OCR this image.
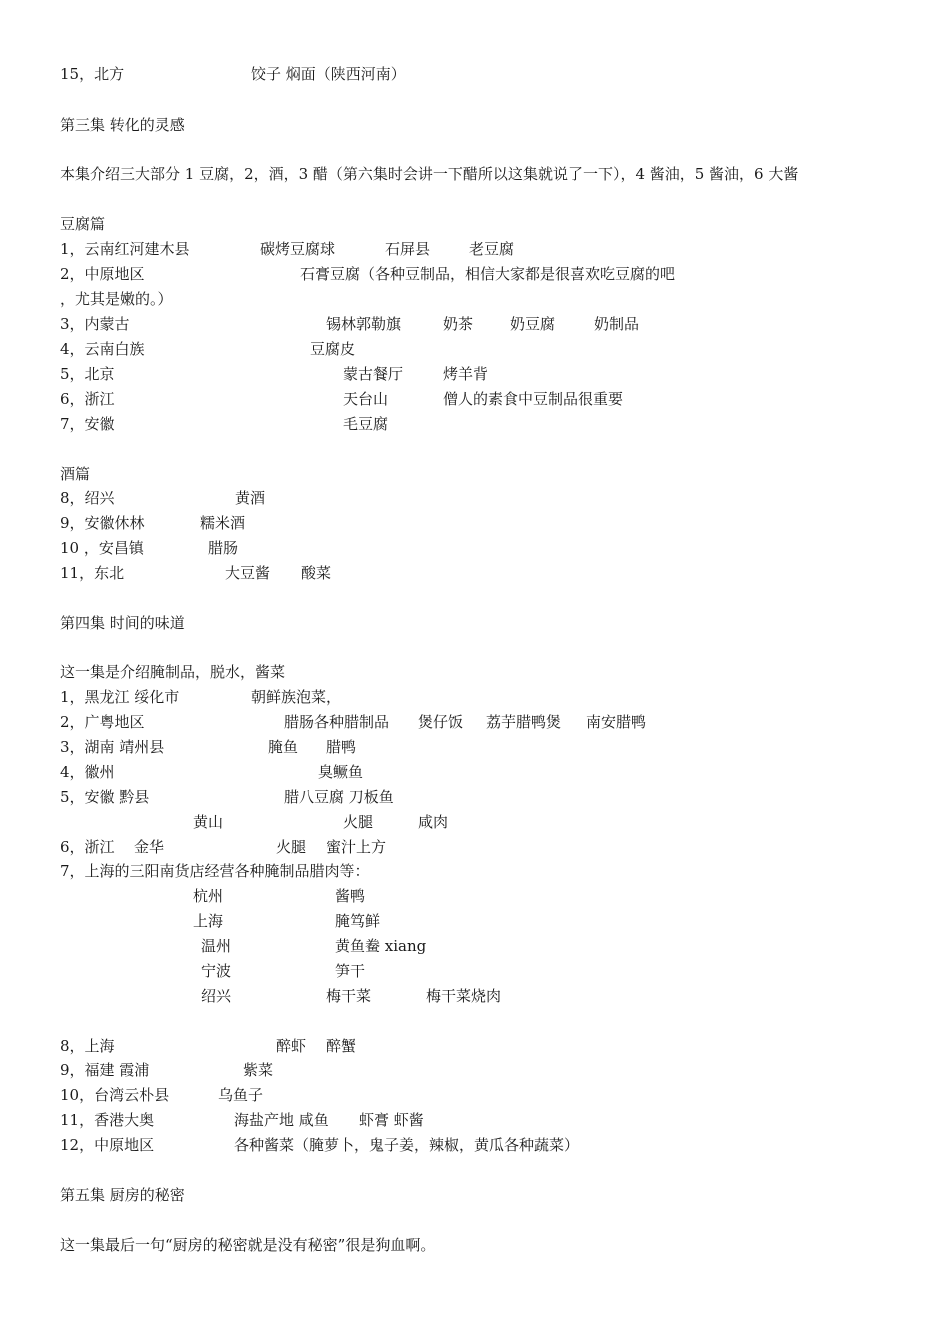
15，北方	饺子 焖面（陕西河南）
第三集 转化的灵感
本集介绍三大部分 1 豆腐，2，酒，3 醋（第六集时会讲一下醋所以这集就说了一下），4 酱油，5 酱油，6 大酱
豆腐篇
1，云南红河建木县	碳烤豆腐球	石屏县	老豆腐
2，中原地区	石膏豆腐（各种豆制品，相信大家都是很喜欢吃豆腐的吧
，尤其是嫩的。）
3，内蒙古	锡林郭勒旗	奶茶 奶豆腐	奶制品
4，云南白族	豆腐皮
5，北京	蒙古餐厅	烤羊背
6，浙江	天台山	僧人的素食中豆制品很重要
7，安徽	毛豆腐
酒篇
8，绍兴	黄酒
9，安徽休林	糯米酒
10 ，安昌镇	腊肠
11，东北	大豆酱 酸菜
第四集 时间的味道
这一集是介绍腌制品，脱水，酱菜
1，黑龙江 绥化市	朝鲜族泡菜，
2，广粤地区	腊肠各种腊制品 煲仔饭 荔芋腊鸭煲 南安腊鸭
3，湖南 靖州县	腌鱼 腊鸭
4，徽州	臭鳜鱼
5，安徽 黔县	腊八豆腐 刀板鱼
黄山	火腿	咸肉
6，浙江 金华	火腿 蜜汁上方
7，上海的三阳南货店经营各种腌制品腊肉等：
杭州	酱鸭
上海	腌笃鲜
温州	黄鱼鲞 xiang
宁波	笋干
绍兴	梅干菜	梅干菜烧肉
8，上海	醉虾 醉蟹
9，福建 霞浦	紫菜
10，台湾云朴县	乌鱼子
11，香港大奥	海盐产地 咸鱼 虾膏 虾酱
12，中原地区	各种酱菜（腌萝卜，鬼子姜，辣椒，黄瓜各种蔬菜）
第五集 厨房的秘密
这一集最后一句“厨房的秘密就是没有秘密”很是狗血啊。
